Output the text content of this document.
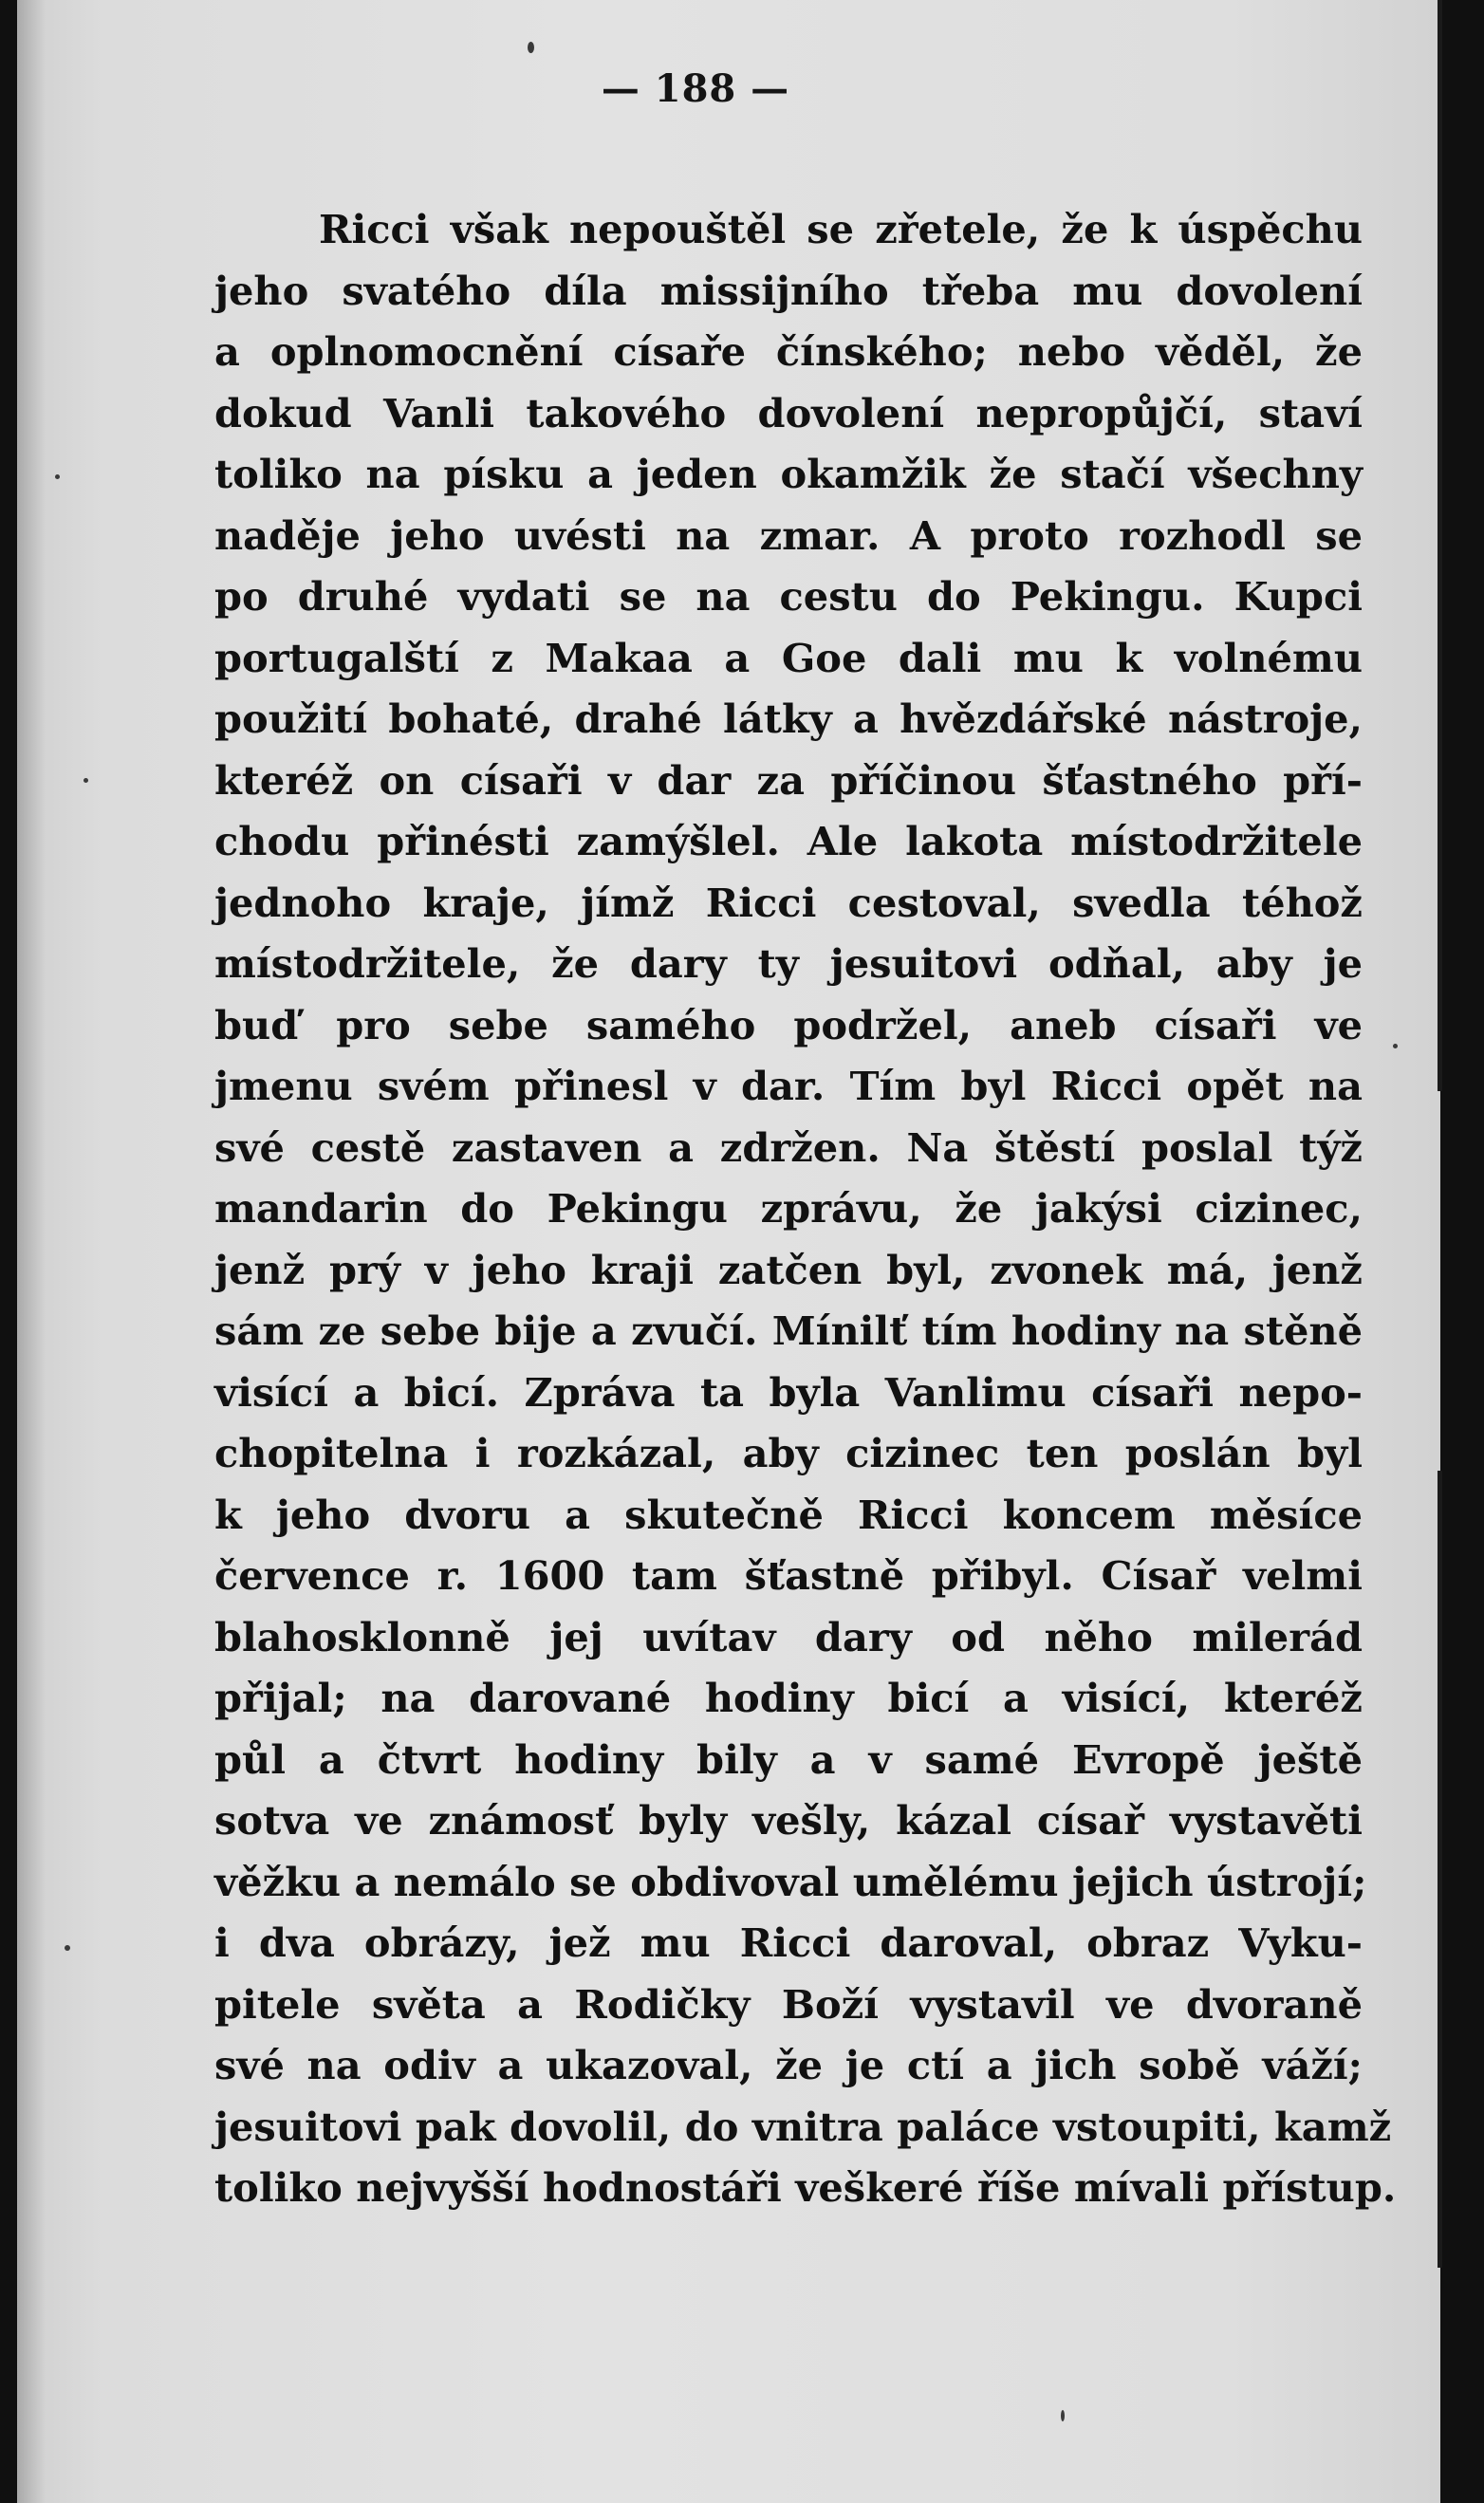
— 188 —
Ricci však nepouštěl se zřetele, že k úspěchu
jeho svatého díla missijního třeba mu dovolení
a oplnomocnění císaře čínského; nebo věděl, že
dokud Vanli takového dovolení nepropůjčí, staví
toliko na písku a jeden okamžik že stačí všechny
naděje jeho uvésti na zmar. A proto rozhodl se
po druhé vydati se na cestu do Pekingu. Kupci
portugalští z Makaa a Goe dali mu k volnému
použití bohaté, drahé látky a hvězdářské nástroje,
kteréž on císaři v dar za příčinou šťastného pří-
chodu přinésti zamýšlel. Ale lakota místodržitele
jednoho kraje, jímž Ricci cestoval, svedla téhož
místodržitele, že dary ty jesuitovi odňal, aby je
buď pro sebe samého podržel, aneb císaři ve
jmenu svém přinesl v dar. Tím byl Ricci opět na
své cestě zastaven a zdržen. Na štěstí poslal týž
mandarin do Pekingu zprávu, že jakýsi cizinec,
jenž prý v jeho kraji zatčen byl, zvonek má, jenž
sám ze sebe bije a zvučí. Mínilť tím hodiny na stěně
visící a bicí. Zpráva ta byla Vanlimu císaři nepo-
chopitelna i rozkázal, aby cizinec ten poslán byl
k jeho dvoru a skutečně Ricci koncem měsíce
července r. 1600 tam šťastně přibyl. Císař velmi
blahosklonně jej uvítav dary od něho milerád
přijal; na darované hodiny bicí a visící, kteréž
půl a čtvrt hodiny bily a v samé Evropě ještě
sotva ve známosť byly vešly, kázal císař vystavěti
věžku a nemálo se obdivoval umělému jejich ústrojí;
i dva obrázy, jež mu Ricci daroval, obraz Vyku-
pitele světa a Rodičky Boží vystavil ve dvoraně
své na odiv a ukazoval, že je ctí a jich sobě váží;
jesuitovi pak dovolil, do vnitra paláce vstoupiti, kamž
toliko nejvyšší hodnostáři veškeré říše mívali přístup.
